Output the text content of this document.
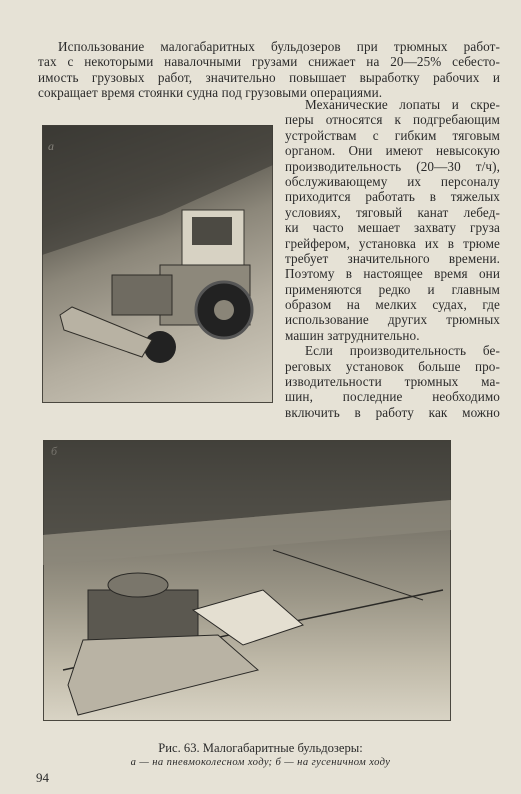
Использование малогабаритных бульдозеров при трюмных работ-
тах с некоторыми навалочными грузами снижает на 20—25% себесто-
имость грузовых работ, значительно повышает выработку рабочих и
сокращает время стоянки судна под грузовыми операциями.
Механические лопаты и скре-
перы относятся к подгребающим
устройствам с гибким тяговым
органом. Они имеют невысокую
производительность (20—30 т/ч),
обслуживающему их персоналу
приходится работать в тяжелых
условиях, тяговый канат лебед-
ки часто мешает захвату груза
грейфером, установка их в трюме
требует значительного времени.
Поэтому в настоящее время они
применяются редко и главным
образом на мелких судах, где
использование других трюмных
машин затруднительно.
Если производительность бе-
реговых установок больше про-
изводительности трюмных ма-
шин, последние необходимо
включить в работу как можно
Рис. 63. Малогабаритные бульдозеры:
а — на пневмоколесном ходу; б — на гусеничном ходу
94
